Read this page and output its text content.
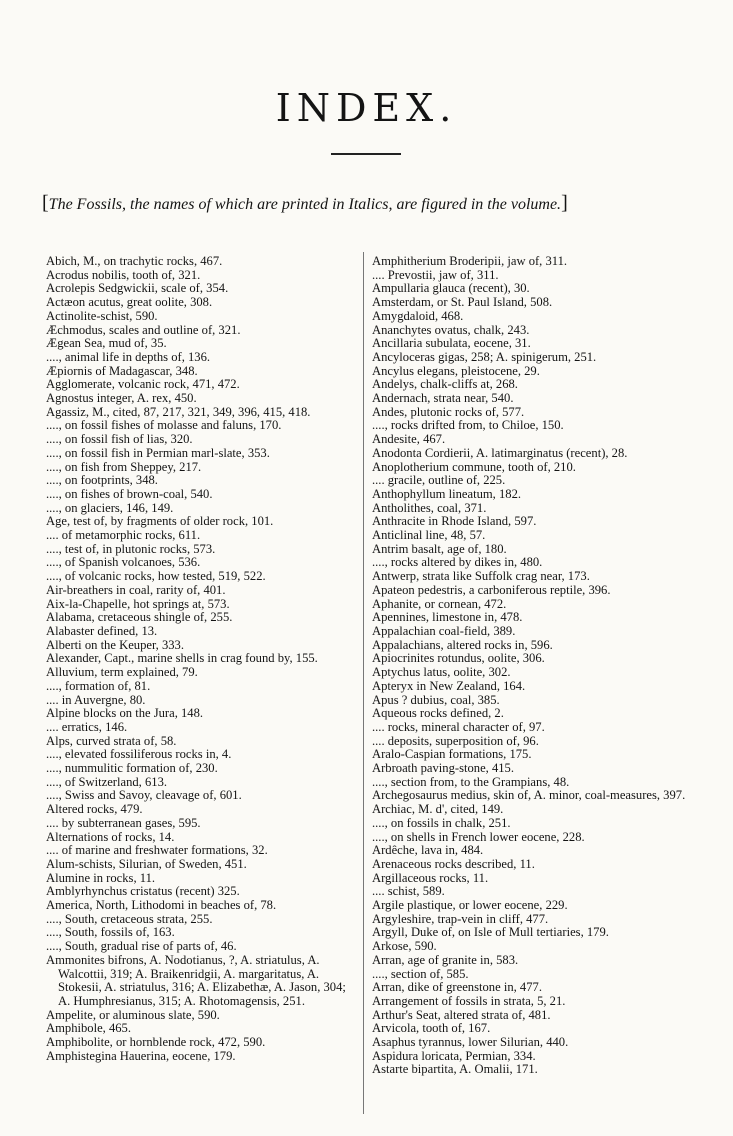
INDEX.
[The Fossils, the names of which are printed in Italics, are figured in the volume.]
Abich, M., on trachytic rocks, 467.
Acrodus nobilis, tooth of, 321.
Acrolepis Sedgwickii, scale of, 354.
Actæon acutus, great oolite, 308.
Actinolite-schist, 590.
Æchmodus, scales and outline of, 321.
Ægean Sea, mud of, 35.
...., animal life in depths of, 136.
Æpiornis of Madagascar, 348.
Agglomerate, volcanic rock, 471, 472.
Agnostus integer, A. rex, 450.
Agassiz, M., cited, 87, 217, 321, 349, 396, 415, 418.
...., on fossil fishes of molasse and faluns, 170.
...., on fossil fish of lias, 320.
...., on fossil fish in Permian marl-slate, 353.
...., on fish from Sheppey, 217.
...., on footprints, 348.
...., on fishes of brown-coal, 540.
...., on glaciers, 146, 149.
Age, test of, by fragments of older rock, 101.
.... of metamorphic rocks, 611.
...., test of, in plutonic rocks, 573.
...., of Spanish volcanoes, 536.
...., of volcanic rocks, how tested, 519, 522.
Air-breathers in coal, rarity of, 401.
Aix-la-Chapelle, hot springs at, 573.
Alabama, cretaceous shingle of, 255.
Alabaster defined, 13.
Alberti on the Keuper, 333.
Alexander, Capt., marine shells in crag found by, 155.
Alluvium, term explained, 79.
...., formation of, 81.
.... in Auvergne, 80.
Alpine blocks on the Jura, 148.
.... erratics, 146.
Alps, curved strata of, 58.
...., elevated fossiliferous rocks in, 4.
...., nummulitic formation of, 230.
...., of Switzerland, 613.
...., Swiss and Savoy, cleavage of, 601.
Altered rocks, 479.
.... by subterranean gases, 595.
Alternations of rocks, 14.
.... of marine and freshwater formations, 32.
Alum-schists, Silurian, of Sweden, 451.
Alumine in rocks, 11.
Amblyrhynchus cristatus (recent) 325.
America, North, Lithodomi in beaches of, 78.
...., South, cretaceous strata, 255.
...., South, fossils of, 163.
...., South, gradual rise of parts of, 46.
Ammonites bifrons, A. Nodotianus, ?, A. striatulus, A. Walcottii, 319; A. Braikenridgii, A. margaritatus, A. Stokesii, A. striatulus, 316; A. Elizabethæ, A. Jason, 304; A. Humphresianus, 315; A. Rhotomagensis, 251.
Ampelite, or aluminous slate, 590.
Amphibole, 465.
Amphibolite, or hornblende rock, 472, 590.
Amphistegina Hauerina, eocene, 179.
Amphitherium Broderipii, jaw of, 311.
.... Prevostii, jaw of, 311.
Ampullaria glauca (recent), 30.
Amsterdam, or St. Paul Island, 508.
Amygdaloid, 468.
Ananchytes ovatus, chalk, 243.
Ancillaria subulata, eocene, 31.
Ancyloceras gigas, 258; A. spinigerum, 251.
Ancylus elegans, pleistocene, 29.
Andelys, chalk-cliffs at, 268.
Andernach, strata near, 540.
Andes, plutonic rocks of, 577.
...., rocks drifted from, to Chiloe, 150.
Andesite, 467.
Anodonta Cordierii, A. latimarginatus (recent), 28.
Anoplotherium commune, tooth of, 210.
.... gracile, outline of, 225.
Anthophyllum lineatum, 182.
Antholithes, coal, 371.
Anthracite in Rhode Island, 597.
Anticlinal line, 48, 57.
Antrim basalt, age of, 180.
...., rocks altered by dikes in, 480.
Antwerp, strata like Suffolk crag near, 173.
Apateon pedestris, a carboniferous reptile, 396.
Aphanite, or cornean, 472.
Apennines, limestone in, 478.
Appalachian coal-field, 389.
Appalachians, altered rocks in, 596.
Apiocrinites rotundus, oolite, 306.
Aptychus latus, oolite, 302.
Apteryx in New Zealand, 164.
Apus ? dubius, coal, 385.
Aqueous rocks defined, 2.
.... rocks, mineral character of, 97.
.... deposits, superposition of, 96.
Aralo-Caspian formations, 175.
Arbroath paving-stone, 415.
...., section from, to the Grampians, 48.
Archegosaurus medius, skin of, A. minor, coal-measures, 397.
Archiac, M. d', cited, 149.
...., on fossils in chalk, 251.
...., on shells in French lower eocene, 228.
Ardêche, lava in, 484.
Arenaceous rocks described, 11.
Argillaceous rocks, 11.
.... schist, 589.
Argile plastique, or lower eocene, 229.
Argyleshire, trap-vein in cliff, 477.
Argyll, Duke of, on Isle of Mull tertiaries, 179.
Arkose, 590.
Arran, age of granite in, 583.
...., section of, 585.
Arran, dike of greenstone in, 477.
Arrangement of fossils in strata, 5, 21.
Arthur's Seat, altered strata of, 481.
Arvicola, tooth of, 167.
Asaphus tyrannus, lower Silurian, 440.
Aspidura loricata, Permian, 334.
Astarte bipartita, A. Omalii, 171.
